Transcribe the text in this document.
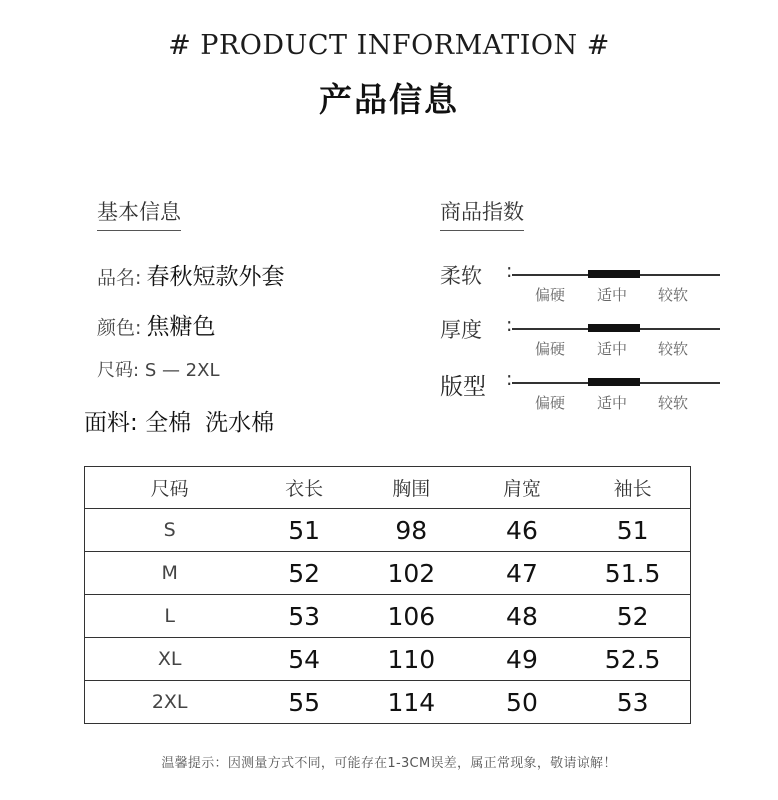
# PRODUCT INFORMATION #
产品信息
基本信息	商品指数
品名: 春秋短款外套
颜色: 焦糖色
尺码: S — 2XL
面料: 全棉 洗水棉
柔软 :
偏硬 适中 较软
厚度 :
偏硬 适中 较软
版型 :
偏硬 适中 较软
尺码	衣长	胸围	肩宽	袖长
S	51	98	46	51
M	52	102	47	51.5
L	53	106	48	52
XL	54	110	49	52.5
2XL	55	114	50	53
温馨提示：因测量方式不同，可能存在1-3CM误差，属正常现象，敬请谅解！
